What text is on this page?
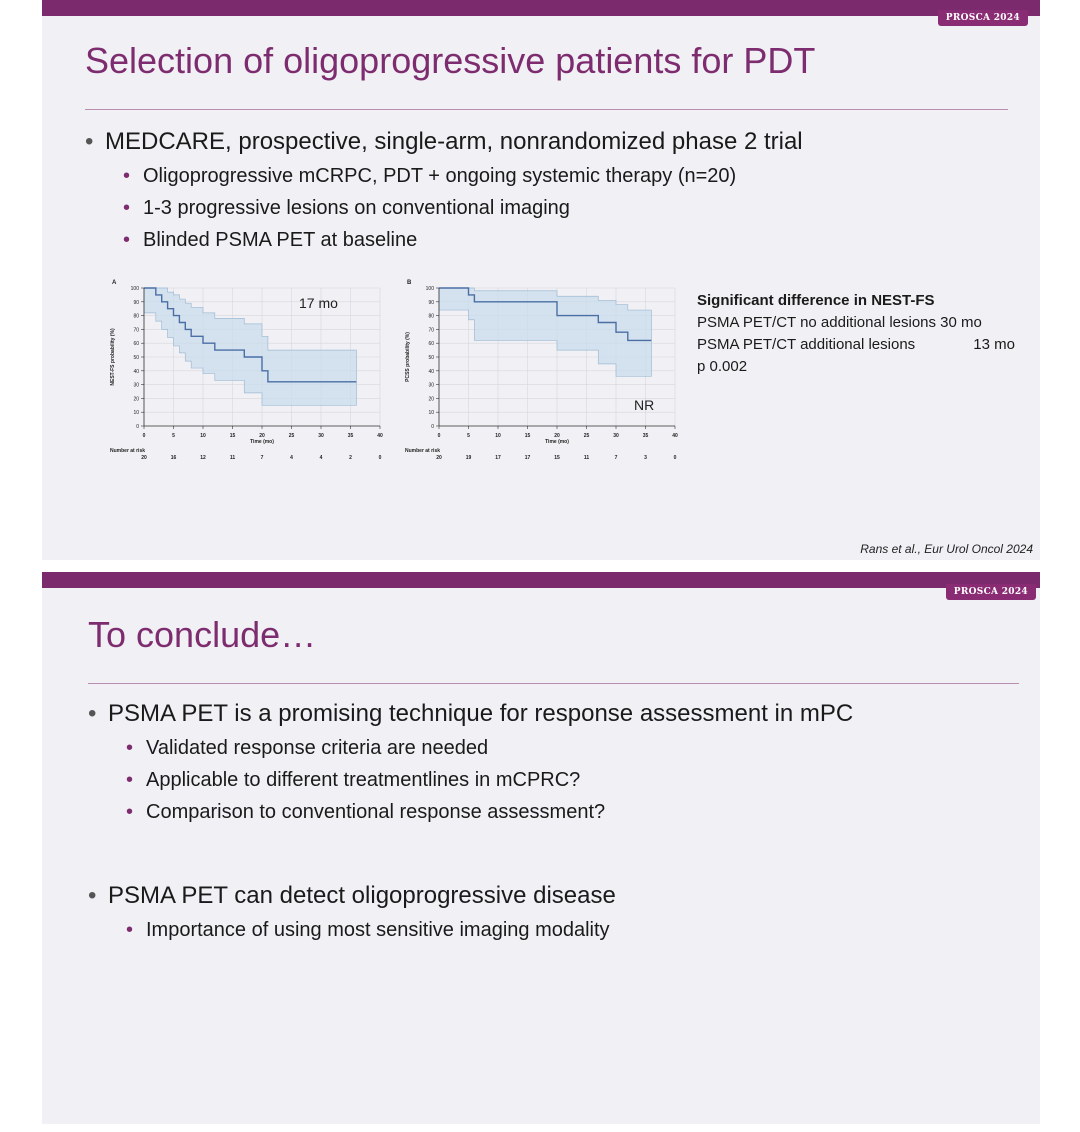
PROSCA 2024
Selection of oligoprogressive patients for PDT
• MEDCARE, prospective, single-arm, nonrandomized phase 2 trial
• Oligoprogressive mCRPC, PDT + ongoing systemic therapy (n=20)
• 1-3 progressive lesions on conventional imaging
• Blinded PSMA PET at baseline
0
10
20
30
40
50
60
70
80
90
100
0	5	10	15	20	25	30	35	40
Time (mo)
NEST-FS probability (%)
A
17 mo
Number at risk
20	16	12	11	7	4	4	2	0
0
10
20
30
40
50
60
70
80
90
100
0	5	10	15	20	25	30	35	40
Time (mo)
PCSS probability (%)
B
NR
Number at risk
20	19	17	17	15	11	7	3	0
Significant difference in NEST-FS
PSMA PET/CT no additional lesions 30 mo
PSMA PET/CT additional lesions	13 mo
p 0.002
Rans et al., Eur Urol Oncol 2024
PROSCA 2024
To conclude…
• PSMA PET is a promising technique for response assessment in mPC
• Validated response criteria are needed
• Applicable to different treatmentlines in mCPRC?
• Comparison to conventional response assessment?
• PSMA PET can detect oligoprogressive disease
• Importance of using most sensitive imaging modality
